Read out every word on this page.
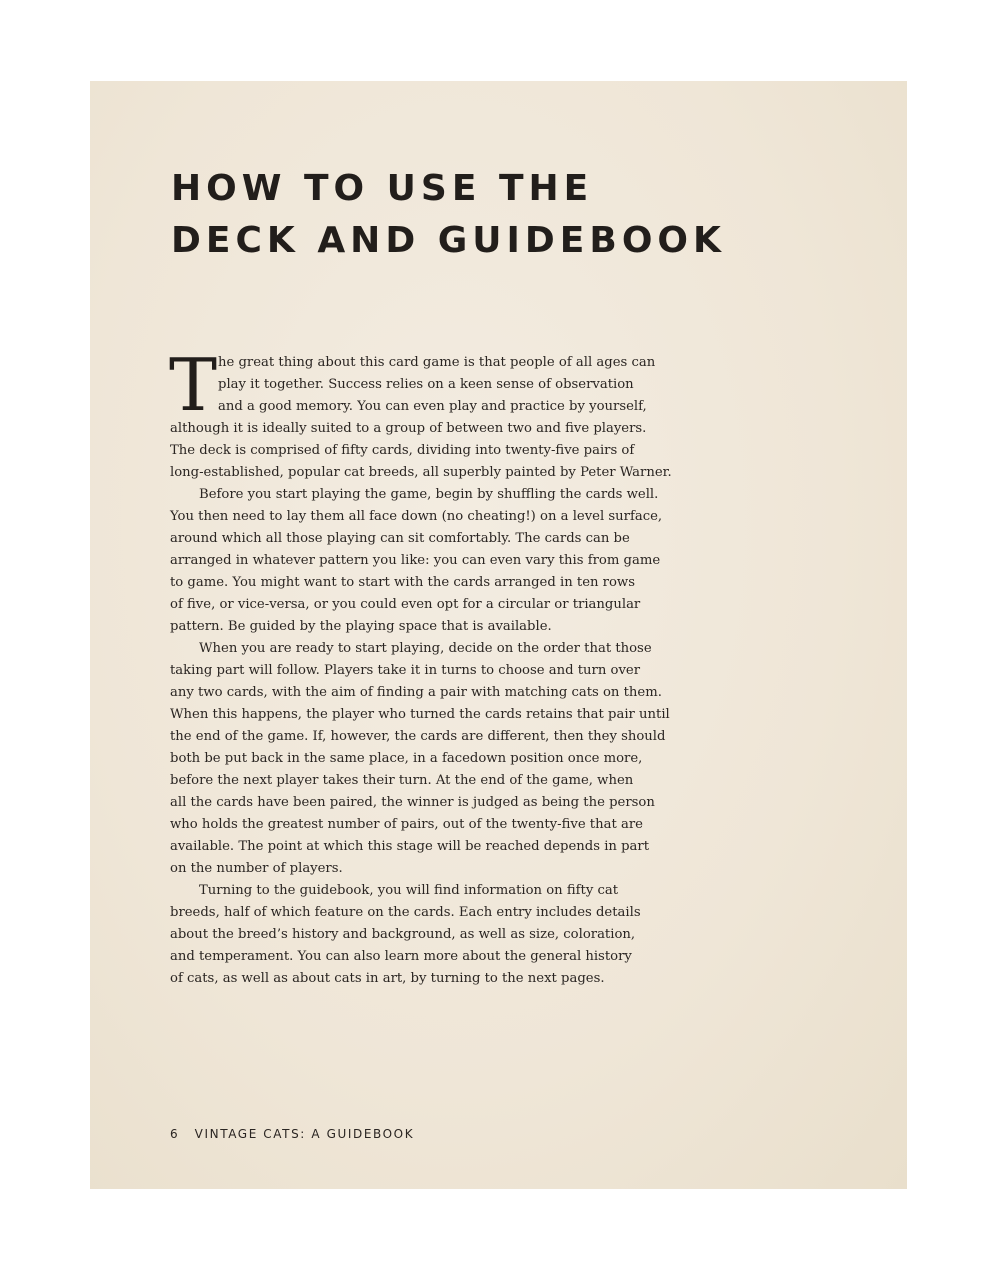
HOW TO USE THE
DECK AND GUIDEBOOK
T he great thing about this card game is that people of all ages can
play it together. Success relies on a keen sense of observation
and a good memory. You can even play and practice by yourself,
although it is ideally suited to a group of between two and five players.
The deck is comprised of fifty cards, dividing into twenty-five pairs of
long-established, popular cat breeds, all superbly painted by Peter Warner.
Before you start playing the game, begin by shuffling the cards well.
You then need to lay them all face down (no cheating!) on a level surface,
around which all those playing can sit comfortably. The cards can be
arranged in whatever pattern you like: you can even vary this from game
to game. You might want to start with the cards arranged in ten rows
of five, or vice-versa, or you could even opt for a circular or triangular
pattern. Be guided by the playing space that is available.
When you are ready to start playing, decide on the order that those
taking part will follow. Players take it in turns to choose and turn over
any two cards, with the aim of finding a pair with matching cats on them.
When this happens, the player who turned the cards retains that pair until
the end of the game. If, however, the cards are different, then they should
both be put back in the same place, in a facedown position once more,
before the next player takes their turn. At the end of the game, when
all the cards have been paired, the winner is judged as being the person
who holds the greatest number of pairs, out of the twenty-five that are
available. The point at which this stage will be reached depends in part
on the number of players.
Turning to the guidebook, you will find information on fifty cat
breeds, half of which feature on the cards. Each entry includes details
about the breed’s history and background, as well as size, coloration,
and temperament. You can also learn more about the general history
of cats, as well as about cats in art, by turning to the next pages.
6 VINTAGE CATS: A GUIDEBOOK
